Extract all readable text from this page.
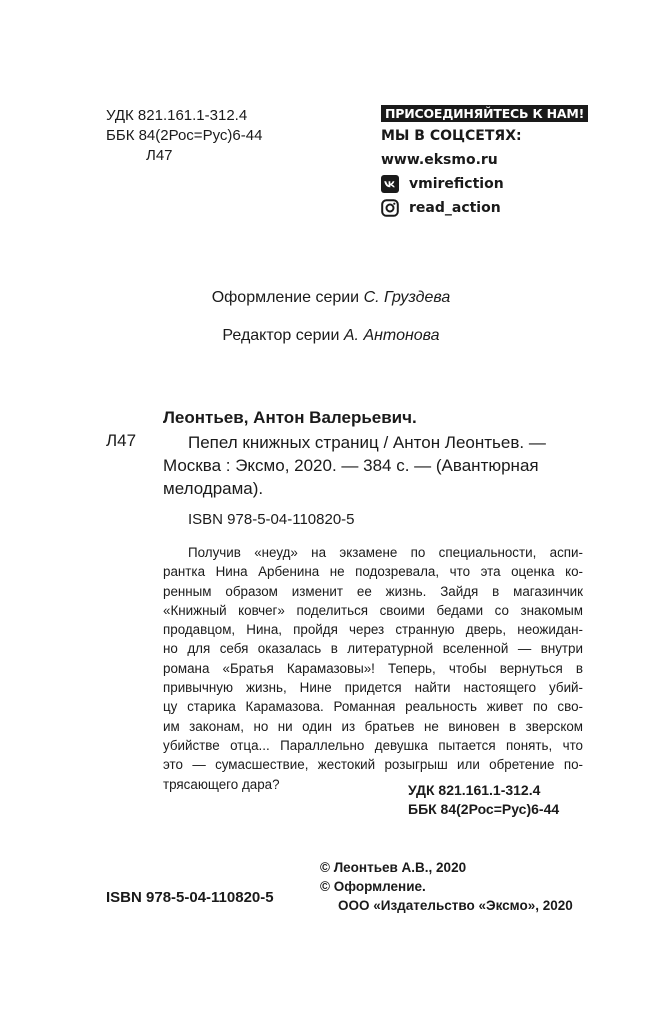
УДК 821.161.1-312.4
ББК 84(2Рос=Рус)6-44
Л47
ПРИСОЕДИНЯЙТЕСЬ К НАМ!
МЫ В СОЦСЕТЯХ:
www.eksmo.ru
vmirefiction
read_action
Оформление серии С. Груздева
Редактор серии А. Антонова
Леонтьев, Антон Валерьевич.
Л47	Пепел книжных страниц / Антон Леонтьев. —
Москва : Эксмо, 2020. — 384 с. — (Авантюрная
мелодрама).
ISBN 978-5-04-110820-5
Получив «неуд» на экзамене по специальности, аспи-
рантка Нина Арбенина не подозревала, что эта оценка ко-
ренным образом изменит ее жизнь. Зайдя в магазинчик
«Книжный ковчег» поделиться своими бедами со знакомым
продавцом, Нина, пройдя через странную дверь, неожидан-
но для себя оказалась в литературной вселенной — внутри
романа «Братья Карамазовы»! Теперь, чтобы вернуться в
привычную жизнь, Нине придется найти настоящего убий-
цу старика Карамазова. Романная реальность живет по сво-
им законам, но ни один из братьев не виновен в зверском
убийстве отца... Параллельно девушка пытается понять, что
это — сумасшествие, жестокий розыгрыш или обретение по-
трясающего дара?	УДК 821.161.1-312.4
ББК 84(2Рос=Рус)6-44
© Леонтьев А.В., 2020
© Оформление.
ООО «Издательство «Эксмо», 2020
ISBN 978-5-04-110820-5
